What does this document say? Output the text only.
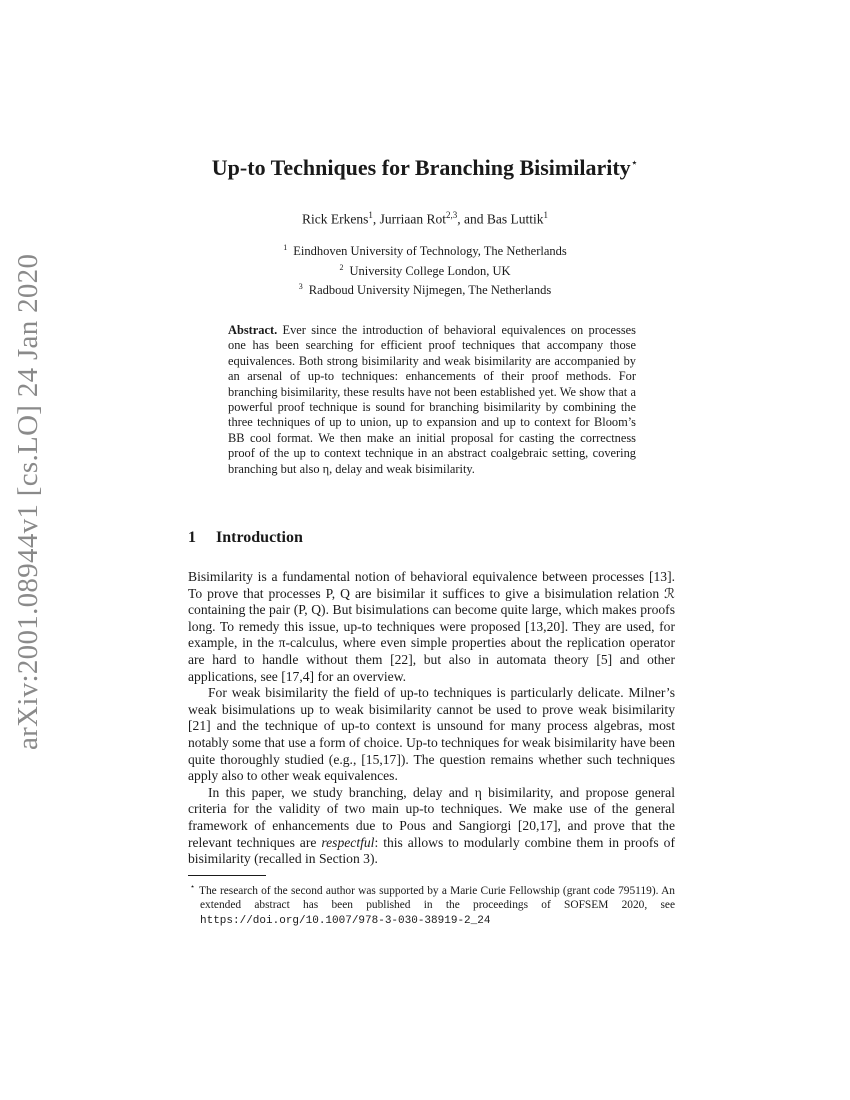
arXiv:2001.08944v1 [cs.LO] 24 Jan 2020
Up-to Techniques for Branching Bisimilarity⋆
Rick Erkens$^1$, Jurriaan Rot$^{2,3}$, and Bas Luttik$^1$
$^1$ Eindhoven University of Technology, The Netherlands
$^2$ University College London, UK
$^3$ Radboud University Nijmegen, The Netherlands
Abstract. Ever since the introduction of behavioral equivalences on processes one has been searching for efficient proof techniques that accompany those equivalences. Both strong bisimilarity and weak bisimilarity are accompanied by an arsenal of up-to techniques: enhancements of their proof methods. For branching bisimilarity, these results have not been established yet. We show that a powerful proof technique is sound for branching bisimilarity by combining the three techniques of up to union, up to expansion and up to context for Bloom’s BB cool format. We then make an initial proposal for casting the correctness proof of the up to context technique in an abstract coalgebraic setting, covering branching but also η, delay and weak bisimilarity.
1 Introduction

Bisimilarity is a fundamental notion of behavioral equivalence between processes [13]. To prove that processes P, Q are bisimilar it suffices to give a bisimulation relation ℛ containing the pair (P, Q). But bisimulations can become quite large, which makes proofs long. To remedy this issue, up-to techniques were proposed [13,20]. They are used, for example, in the π-calculus, where even simple properties about the replication operator are hard to handle without them [22], but also in automata theory [5] and other applications, see [17,4] for an overview.

For weak bisimilarity the field of up-to techniques is particularly delicate. Milner’s weak bisimulations up to weak bisimilarity cannot be used to prove weak bisimilarity [21] and the technique of up-to context is unsound for many process algebras, most notably some that use a form of choice. Up-to techniques for weak bisimilarity have been quite thoroughly studied (e.g., [15,17]). The question remains whether such techniques apply also to other weak equivalences.

In this paper, we study branching, delay and η bisimilarity, and propose general criteria for the validity of two main up-to techniques. We make use of the general framework of enhancements due to Pous and Sangiorgi [20,17], and prove that the relevant techniques are respectful: this allows to modularly combine them in proofs of bisimilarity (recalled in Section 3).

⋆ The research of the second author was supported by a Marie Curie Fellowship (grant code 795119). An extended abstract has been published in the proceedings of SOFSEM 2020, see https://doi.org/10.1007/978-3-030-38919-2_24
